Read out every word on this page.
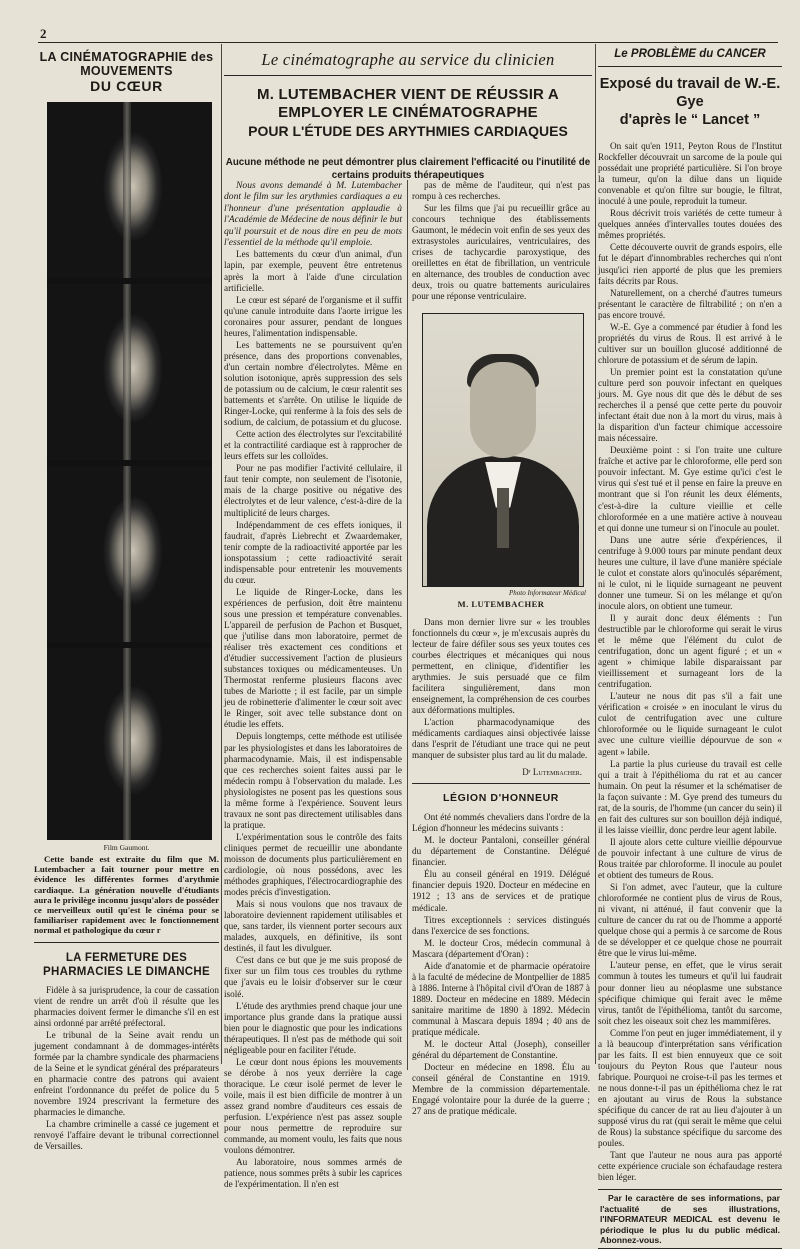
2
LA CINÉMATOGRAPHIE des MOUVEMENTS
DU CŒUR
Film Gaumont.

Cette bande est extraite du film que M. Lutembacher a fait tourner pour mettre en évidence les différentes formes d'arythmie cardiaque. La génération nouvelle d'étudiants aura le privilège inconnu jusqu'alors de posséder ce merveilleux outil qu'est le cinéma pour se familiariser rapidement avec le fonctionnement normal et pathologique du cœur r

LA FERMETURE DES PHARMACIES LE DIMANCHE

Fidèle à sa jurisprudence, la cour de cassation vient de rendre un arrêt d'où il résulte que les pharmacies doivent fermer le dimanche s'il en est ainsi ordonné par arrêté préfectoral.

Le tribunal de la Seine avait rendu un jugement condamnant à de dommages-intérêts formée par la chambre syndicale des pharmaciens de la Seine et le syndicat général des préparateurs en pharmacie contre des patrons qui avaient enfreint l'ordonnance du préfet de police du 5 novembre 1924 prescrivant la fermeture des pharmacies le dimanche.

La chambre criminelle a cassé ce jugement et renvoyé l'affaire devant le tribunal correctionnel de Versailles.

Le cinématographe au service du clinicien
M. LUTEMBACHER VIENT DE RÉUSSIR A EMPLOYER LE CINÉMATOGRAPHE
POUR L'ÉTUDE DES ARYTHMIES CARDIAQUES
Aucune méthode ne peut démontrer plus clairement l'efficacité ou l'inutilité de certains produits thérapeutiques

Nous avons demandé à M. Lutembacher dont le film sur les arythmies cardiaques a eu l'honneur d'une présentation applaudie à l'Académie de Médecine de nous définir le but qu'il poursuit et de nous dire en peu de mots l'essentiel de la méthode qu'il emploie.

Les battements du cœur d'un animal, d'un lapin, par exemple, peuvent être entretenus après la mort à l'aide d'une circulation artificielle.

Le cœur est séparé de l'organisme et il suffit qu'une canule introduite dans l'aorte irrigue les coronaires pour assurer, pendant de longues heures, l'alimentation indispensable.

Les battements ne se poursuivent qu'en présence, dans des proportions convenables, d'un certain nombre d'électrolytes. Même en solution isotonique, après suppression des sels de potassium ou de calcium, le cœur ralentit ses battements et s'arrête. On utilise le liquide de Ringer-Locke, qui renferme à la fois des sels de sodium, de calcium, de potassium et du glucose.

Cette action des électrolytes sur l'excitabilité et la contractilité cardiaque est à rapprocher de leurs effets sur les colloïdes.

Pour ne pas modifier l'activité cellulaire, il faut tenir compte, non seulement de l'isotonie, mais de la charge positive ou négative des électrolytes et de leur valence, c'est-à-dire de la multiplicité de leurs charges.

Indépendamment de ces effets ioniques, il faudrait, d'après Liebrecht et Zwaardemaker, tenir compte de la radioactivité apportée par les ionspotassium ; cette radioactivité serait indispensable pour entretenir les mouvements du cœur.

Le liquide de Ringer-Locke, dans les expériences de perfusion, doit être maintenu sous une pression et température convenables. L'appareil de perfusion de Pachon et Busquet, que j'utilise dans mon laboratoire, permet de réaliser très exactement ces conditions et d'étudier successivement l'action de plusieurs substances toxiques ou médicamenteuses. Un Thermostat renferme plusieurs flacons avec tubes de Mariotte ; il est facile, par un simple jeu de robinetterie d'alimenter le cœur soit avec le Ringer, soit avec telle substance dont on étudie les effets.

Depuis longtemps, cette méthode est utilisée par les physiologistes et dans les laboratoires de pharmacodynamie. Mais, il est indispensable que ces recherches soient faites aussi par le médecin rompu à l'observation du malade. Les physiologistes ne posent pas les questions sous la même forme à l'expérience. Souvent leurs travaux ne sont pas directement utilisables dans la pratique.

L'expérimentation sous le contrôle des faits cliniques permet de recueillir une abondante moisson de documents plus particulièrement en cardiologie, où nous possédons, avec les méthodes graphiques, l'électrocardiographie des modes précis d'investigation.

Mais si nous voulons que nos travaux de laboratoire deviennent rapidement utilisables et que, sans tarder, ils viennent porter secours aux malades, auxquels, en définitive, ils sont destinés, il faut les divulguer.

C'est dans ce but que je me suis proposé de fixer sur un film tous ces troubles du rythme que j'avais eu le loisir d'observer sur le cœur isolé.

L'étude des arythmies prend chaque jour une importance plus grande dans la pratique aussi bien pour le diagnostic que pour les indications thérapeutiques. Il n'est pas de méthode qui soit négligeable pour en faciliter l'étude.

Le cœur dont nous épions les mouvements se dérobe à nos yeux derrière la cage thoracique. Le cœur isolé permet de lever le voile, mais il est bien difficile de montrer à un assez grand nombre d'auditeurs ces essais de perfusion. L'expérience n'est pas assez souple pour nous permettre de reproduire sur commande, au moment voulu, les faits que nous voulons démontrer.

Au laboratoire, nous sommes armés de patience, nous sommes prêts à subir les caprices de l'expérimentation. Il n'en est

pas de même de l'auditeur, qui n'est pas rompu à ces recherches.

Sur les films que j'ai pu recueillir grâce au concours technique des établissements Gaumont, le médecin voit enfin de ses yeux des extrasystoles auriculaires, ventriculaires, des crises de tachycardie paroxystique, des oreillettes en état de fibrillation, un ventricule en alternance, des troubles de conduction avec deux, trois ou quatre battements auriculaires pour une réponse ventriculaire.

Photo Informateur Médical
M. LUTEMBACHER

Dans mon dernier livre sur « les troubles fonctionnels du cœur », je m'excusais auprès du lecteur de faire défiler sous ses yeux toutes ces courbes électriques et mécaniques qui nous permettent, en clinique, d'identifier les arythmies. Je suis persuadé que ce film facilitera singulièrement, dans mon enseignement, la compréhension de ces courbes aux déformations multiples.

L'action pharmacodynamique des médicaments cardiaques ainsi objectivée laisse dans l'esprit de l'étudiant une trace qui ne peut manquer de subsister plus tard au lit du malade.

Dʳ Lutembacher.
LÉGION D'HONNEUR

Ont été nommés chevaliers dans l'ordre de la Légion d'honneur les médecins suivants :

M. le docteur Pantaloni, conseiller général du département de Constantine. Délégué financier.

Élu au conseil général en 1919. Délégué financier depuis 1920. Docteur en médecine en 1912 ; 13 ans de services et de pratique médicale.

Titres exceptionnels : services distingués dans l'exercice de ses fonctions.

M. le docteur Cros, médecin communal à Mascara (département d'Oran) :

Aide d'anatomie et de pharmacie opératoire à la faculté de médecine de Montpellier de 1885 à 1886. Interne à l'hôpital civil d'Oran de 1887 à 1889. Docteur en médecine en 1889. Médecin sanitaire maritime de 1890 à 1892. Médecin communal à Mascara depuis 1894 ; 40 ans de pratique médicale.

M. le docteur Attal (Joseph), conseiller général du département de Constantine.

Docteur en médecine en 1898. Élu au conseil général de Constantine en 1919. Membre de la commission départementale. Engagé volontaire pour la durée de la guerre ; 27 ans de pratique médicale.

Le PROBLÈME du CANCER
Exposé du travail de W.-E. Gye
d'après le “ Lancet ”

On sait qu'en 1911, Peyton Rous de l'Institut Rockfeller découvrait un sarcome de la poule qui possédait une propriété particulière. Si l'on broye la tumeur, qu'on la dilue dans un liquide convenable et qu'on filtre sur bougie, le filtrat, inoculé à une poule, reproduit la tumeur.

Rous décrivit trois variétés de cette tumeur à quelques années d'intervalles toutes douées des mêmes propriétés.

Cette découverte ouvrit de grands espoirs, elle fut le départ d'innombrables recherches qui n'ont jusqu'ici rien apporté de plus que les premiers faits décrits par Rous.

Naturellement, on a cherché d'autres tumeurs présentant le caractère de filtrabilité ; on n'en a pas encore trouvé.

W.-E. Gye a commencé par étudier à fond les propriétés du virus de Rous. Il est arrivé à le cultiver sur un bouillon glucosé additionné de chlorure de potassium et de sérum de lapin.

Un premier point est la constatation qu'une culture perd son pouvoir infectant en quelques jours. M. Gye nous dit que dès le début de ses recherches il a pensé que cette perte du pouvoir infectant était due non à la mort du virus, mais à la disparition d'un facteur chimique accessoire mais nécessaire.

Deuxième point : si l'on traite une culture fraîche et active par le chloroforme, elle perd son pouvoir infectant. M. Gye estime qu'ici c'est le virus qui s'est tué et il pense en faire la preuve en montrant que si l'on réunit les deux éléments, c'est-à-dire la culture vieillie et celle chloroformée en a une matière active à nouveau et qui donne une tumeur si on l'inocule au poulet.

Dans une autre série d'expériences, il centrifuge à 9.000 tours par minute pendant deux heures une culture, il lave d'une manière spéciale le culot et constate alors qu'inoculés séparément, ni le culot, ni le liquide surnageant ne peuvent donner une tumeur. Si on les mélange et qu'on inocule alors, on obtient une tumeur.

Il y aurait donc deux éléments : l'un destructible par le chloroforme qui serait le virus et le même que l'élément du culot de centrifugation, donc un agent figuré ; et un « agent » chimique labile disparaissant par vieillissement et surnageant lors de la centrifugation.

L'auteur ne nous dit pas s'il a fait une vérification « croisée » en inoculant le virus du culot de centrifugation avec une culture chloroformée ou le liquide surnageant le culot avec une culture vieillie dépourvue de son « agent » labile.

La partie la plus curieuse du travail est celle qui a trait à l'épithélioma du rat et au cancer humain. On peut la résumer et la schématiser de la façon suivante : M. Gye prend des tumeurs du rat, de la souris, de l'homme (un cancer du sein) il en fait des cultures sur son bouillon déjà indiqué, il les laisse vieillir, donc perdre leur agent labile.

Il ajoute alors cette culture vieillie dépourvue de pouvoir infectant à une culture de virus de Rous traitée par chloroforme. Il inocule au poulet et obtient des tumeurs de Rous.

Si l'on admet, avec l'auteur, que la culture chloroformée ne contient plus de virus de Rous, ni vivant, ni atténué, il faut convenir que la culture de cancer du rat ou de l'homme a apporté quelque chose qui a permis à ce sarcome de Rous de se développer et ce quelque chose ne pourrait être que le virus lui-même.

L'auteur pense, en effet, que le virus serait commun à toutes les tumeurs et qu'il lui faudrait pour donner lieu au néoplasme une substance spécifique chimique qui ferait avec le même virus, tantôt de l'épithélioma, tantôt du sarcome, soit chez les oiseaux soit chez les mammifères.

Comme l'on peut en juger immédiatement, il y a là beaucoup d'interprétation sans vérification par les faits. Il est bien ennuyeux que ce soit toujours du Peyton Rous que l'auteur nous fabrique. Pourquoi ne croise-t-il pas les termes et ne nous donne-t-il pas un épithélioma chez le rat en ajoutant au virus de Rous la substance spécifique du cancer de rat au lieu d'ajouter à un supposé virus du rat (qui serait le même que celui de Rous) la substance spécifique du sarcome des poules.

Tant que l'auteur ne nous aura pas apporté cette expérience cruciale son échafaudage restera bien léger.

Par le caractère de ses informations, par l'actualité de ses illustrations, l'INFORMATEUR MEDICAL est devenu le périodique le plus lu du public médical. Abonnez-vous.
